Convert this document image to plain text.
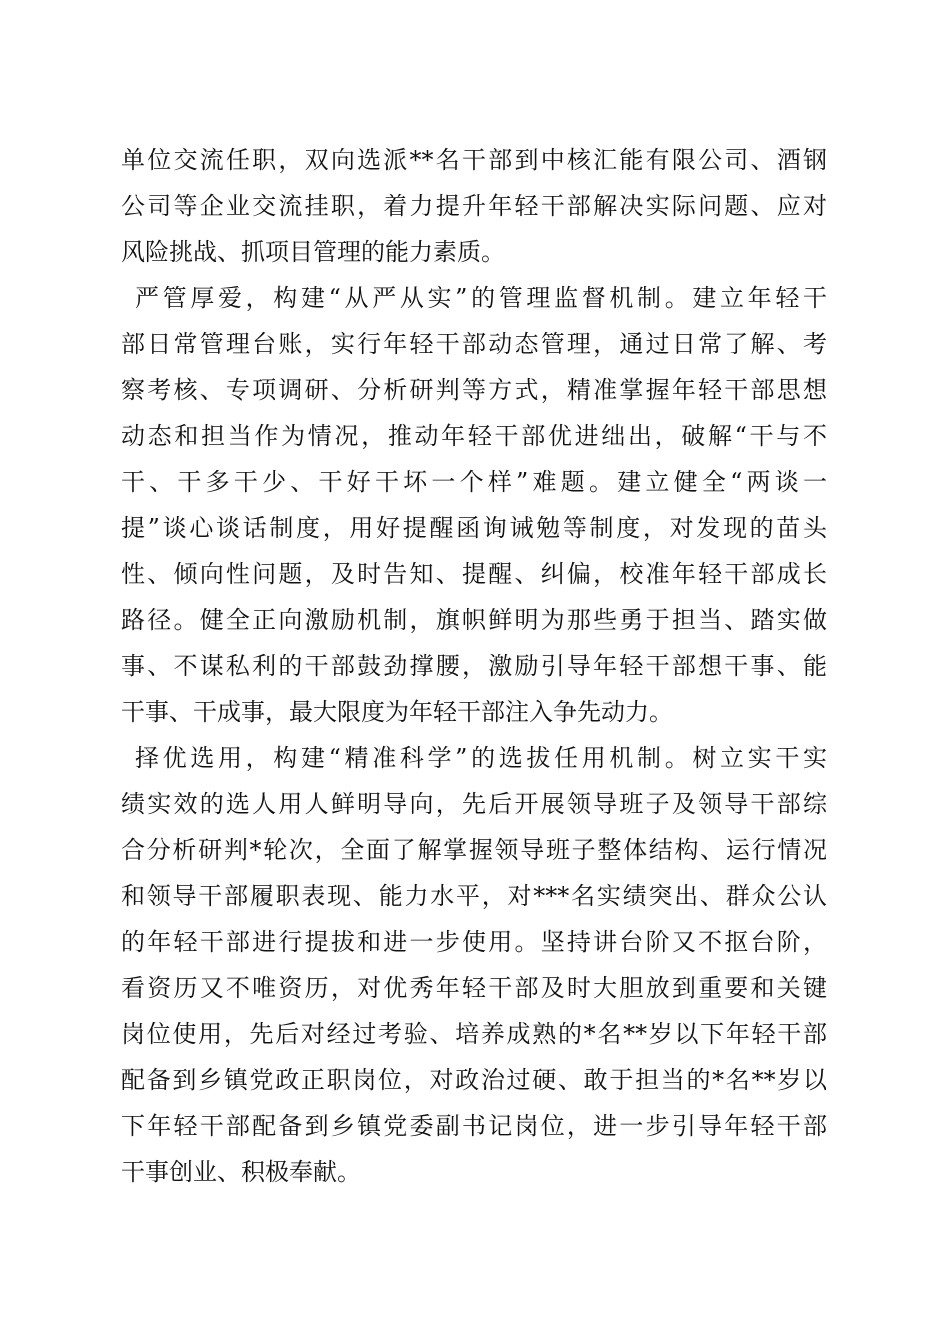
单位交流任职，双向选派**名干部到中核汇能有限公司、酒钢
公司等企业交流挂职，着力提升年轻干部解决实际问题、应对
风险挑战、抓项目管理的能力素质。

严管厚爱，构建“从严从实”的管理监督机制。建立年轻干
部日常管理台账，实行年轻干部动态管理，通过日常了解、考
察考核、专项调研、分析研判等方式，精准掌握年轻干部思想
动态和担当作为情况，推动年轻干部优进绌出，破解“干与不
干、干多干少、干好干坏一个样”难题。建立健全“两谈一
提”谈心谈话制度，用好提醒函询诫勉等制度，对发现的苗头
性、倾向性问题，及时告知、提醒、纠偏，校准年轻干部成长
路径。健全正向激励机制，旗帜鲜明为那些勇于担当、踏实做
事、不谋私利的干部鼓劲撑腰，激励引导年轻干部想干事、能
干事、干成事，最大限度为年轻干部注入争先动力。

择优选用，构建“精准科学”的选拔任用机制。树立实干实
绩实效的选人用人鲜明导向，先后开展领导班子及领导干部综
合分析研判*轮次，全面了解掌握领导班子整体结构、运行情况
和领导干部履职表现、能力水平，对***名实绩突出、群众公认
的年轻干部进行提拔和进一步使用。坚持讲台阶又不抠台阶，
看资历又不唯资历，对优秀年轻干部及时大胆放到重要和关键
岗位使用，先后对经过考验、培养成熟的*名**岁以下年轻干部
配备到乡镇党政正职岗位，对政治过硬、敢于担当的*名**岁以
下年轻干部配备到乡镇党委副书记岗位，进一步引导年轻干部
干事创业、积极奉献。
